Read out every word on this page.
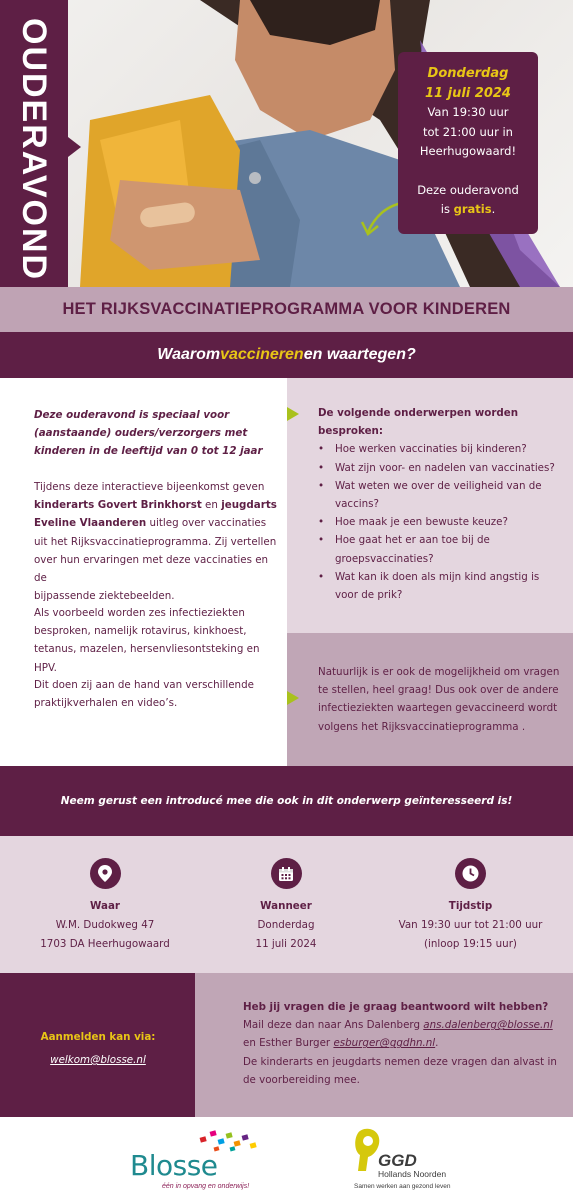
OUDERAVOND	Donderdag
11 juli 2024
Van 19:30 uur
tot 21:00 uur in
Heerhugowaard!
Deze ouderavond
is gratis.
HET RIJKSVACCINATIEPROGRAMMA VOOR KINDEREN
Waaromvaccinerenen waartegen?
Deze ouderavond is speciaal voor
(aanstaande) ouders/verzorgers met
kinderen in de leeftijd van 0 tot 12 jaar
Tijdens deze interactieve bijeenkomst geven
kinderarts Govert Brinkhorst en jeugdarts
Eveline Vlaanderen uitleg over vaccinaties
uit het Rijksvaccinatieprogramma. Zij vertellen
over hun ervaringen met deze vaccinaties en de
bijpassende ziektebeelden.
Als voorbeeld worden zes infectieziekten
besproken, namelijk rotavirus, kinkhoest,
tetanus, mazelen, hersenvliesontsteking en HPV.
Dit doen zij aan de hand van verschillende
praktijkverhalen en video’s.
De volgende onderwerpen worden
besproken:
• Hoe werken vaccinaties bij kinderen?
• Wat zijn voor- en nadelen van vaccinaties?
• Wat weten we over de veiligheid van de vaccins?
• Hoe maak je een bewuste keuze?
• Hoe gaat het er aan toe bij de groepsvaccinaties?
• Wat kan ik doen als mijn kind angstig is voor de prik?
Natuurlijk is er ook de mogelijkheid om vragen
te stellen, heel graag! Dus ook over de andere
infectieziekten waartegen gevaccineerd wordt
volgens het Rijksvaccinatieprogramma .
Neem gerust een introducé mee die ook in dit onderwerp geïnteresseerd is!
Waar
W.M. Dudokweg 47
1703 DA Heerhugowaard
Wanneer
Donderdag
11 juli 2024
Tijdstip
Van 19:30 uur tot 21:00 uur
(inloop 19:15 uur)
Aanmelden kan via:
welkom@blosse.nl
Heb jij vragen die je graag beantwoord wilt hebben?
Mail deze dan naar Ans Dalenberg ans.dalenberg@blosse.nl
en Esther Burger esburger@ggdhn.nl.
De kinderarts en jeugdarts nemen deze vragen dan alvast in
de voorbereiding mee.
Blosse
één in opvang en onderwijs!
GGD
Hollands Noorden
Samen werken aan gezond leven
